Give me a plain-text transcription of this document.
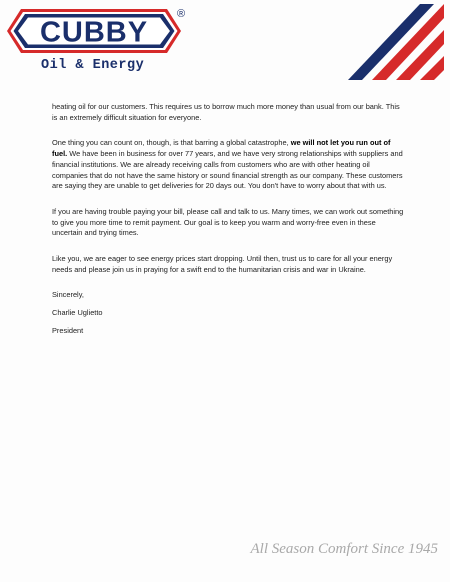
CUBBY
®
Oil & Energy

heating oil for our customers. This requires us to borrow much more money than usual from our bank. This is an extremely difficult situation for everyone.

One thing you can count on, though, is that barring a global catastrophe, we will not let you run out of fuel. We have been in business for over 77 years, and we have very strong relationships with suppliers and financial institutions. We are already receiving calls from customers who are with other heating oil companies that do not have the same history or sound financial strength as our company. These customers are saying they are unable to get deliveries for 20 days out. You don't have to worry about that with us.

If you are having trouble paying your bill, please call and talk to us. Many times, we can work out something to give you more time to remit payment. Our goal is to keep you warm and worry-free even in these uncertain and trying times.

Like you, we are eager to see energy prices start dropping. Until then, trust us to care for all your energy needs and please join us in praying for a swift end to the humanitarian crisis and war in Ukraine.

Sincerely,
Charlie Uglietto
President
All Season Comfort Since 1945
